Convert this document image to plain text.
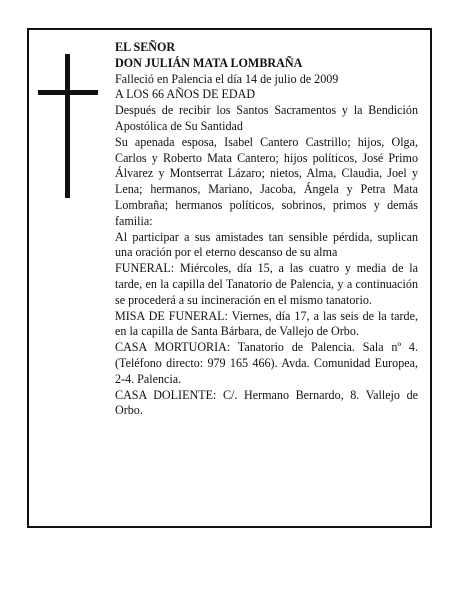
EL SEÑOR

DON JULIÁN MATA LOMBRAÑA

Falleció en Palencia el día 14 de julio de 2009

A LOS 66 AÑOS DE EDAD

Después de recibir los Santos Sacramentos y la Bendición Apostólica de Su Santidad

Su apenada esposa, Isabel Cantero Castrillo; hijos, Olga, Carlos y Roberto Mata Cantero; hijos políticos, José Primo Álvarez y Montserrat Lázaro; nietos, Alma, Claudia, Joel y Lena; hermanos, Mariano, Jacoba, Ángela y Petra Mata Lombraña; hermanos políticos, sobrinos, primos y demás familia:

Al participar a sus amistades tan sensible pérdida, suplican una oración por el eterno descanso de su alma

FUNERAL: Miércoles, día 15, a las cuatro y media de la tarde, en la capilla del Tanatorio de Palencia, y a continuación se procederá a su incineración en el mismo tanatorio.

MISA DE FUNERAL: Viernes, día 17, a las seis de la tarde, en la capilla de Santa Bárbara, de Vallejo de Orbo.

CASA MORTUORIA: Tanatorio de Palencia. Sala nº 4. (Teléfono directo: 979 165 466). Avda. Comunidad Europea, 2-4. Palencia.

CASA DOLIENTE: C/. Hermano Bernardo, 8. Vallejo de Orbo.
